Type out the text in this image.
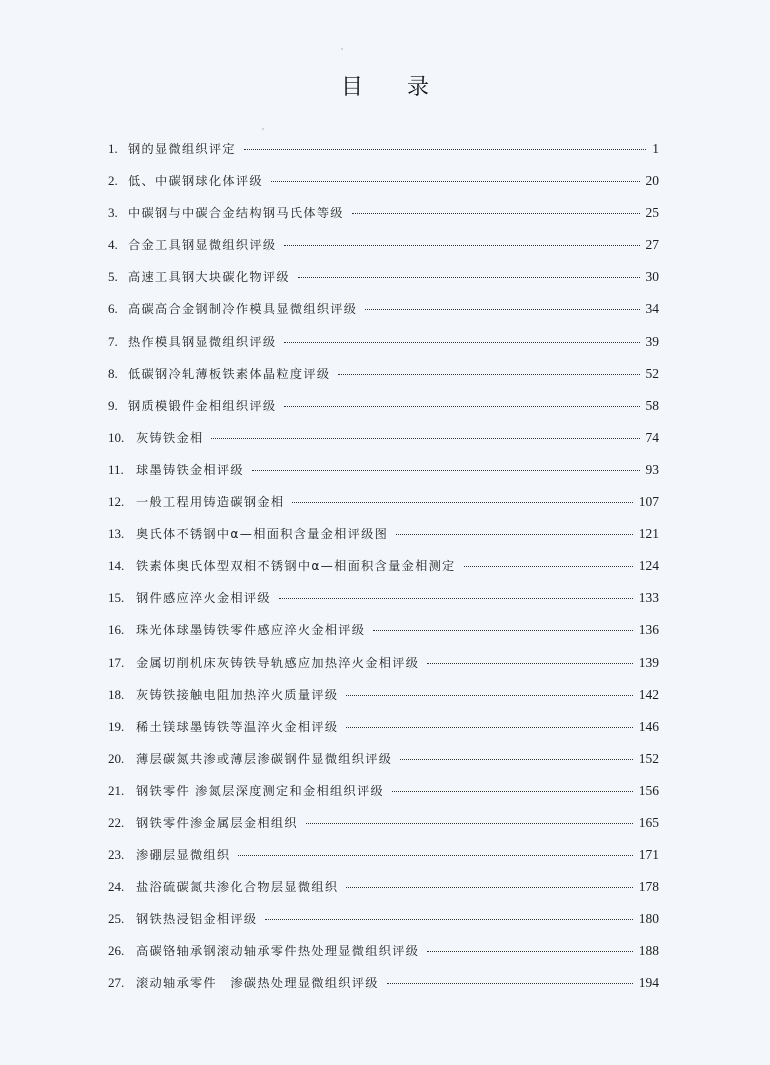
目 录
1. 钢的显微组织评定	1
2. 低、中碳钢球化体评级	20
3. 中碳钢与中碳合金结构钢马氏体等级	25
4. 合金工具钢显微组织评级	27
5. 高速工具钢大块碳化物评级	30
6. 高碳高合金钢制冷作模具显微组织评级	34
7. 热作模具钢显微组织评级	39
8. 低碳钢冷轧薄板铁素体晶粒度评级	52
9. 钢质模锻件金相组织评级	58
10. 灰铸铁金相	74
11.	球墨铸铁金相评级	93
12. 一般工程用铸造碳钢金相	107
13. 奥氏体不锈钢中α—相面积含量金相评级图	121
14. 铁素体奥氏体型双相不锈钢中α—相面积含量金相测定	124
15. 钢件感应淬火金相评级	133
16. 珠光体球墨铸铁零件感应淬火金相评级	136
17. 金属切削机床灰铸铁导轨感应加热淬火金相评级	139
18. 灰铸铁接触电阻加热淬火质量评级	142
19. 稀土镁球墨铸铁等温淬火金相评级	146
20. 薄层碳氮共渗或薄层渗碳钢件显微组织评级	152
21. 钢铁零件 渗氮层深度测定和金相组织评级	156
22. 钢铁零件渗金属层金相组织	165
23. 渗硼层显微组织	171
24. 盐浴硫碳氮共渗化合物层显微组织	178
25. 钢铁热浸铝金相评级	180
26. 高碳铬轴承钢滚动轴承零件热处理显微组织评级	188
27. 滚动轴承零件　渗碳热处理显微组织评级	194
